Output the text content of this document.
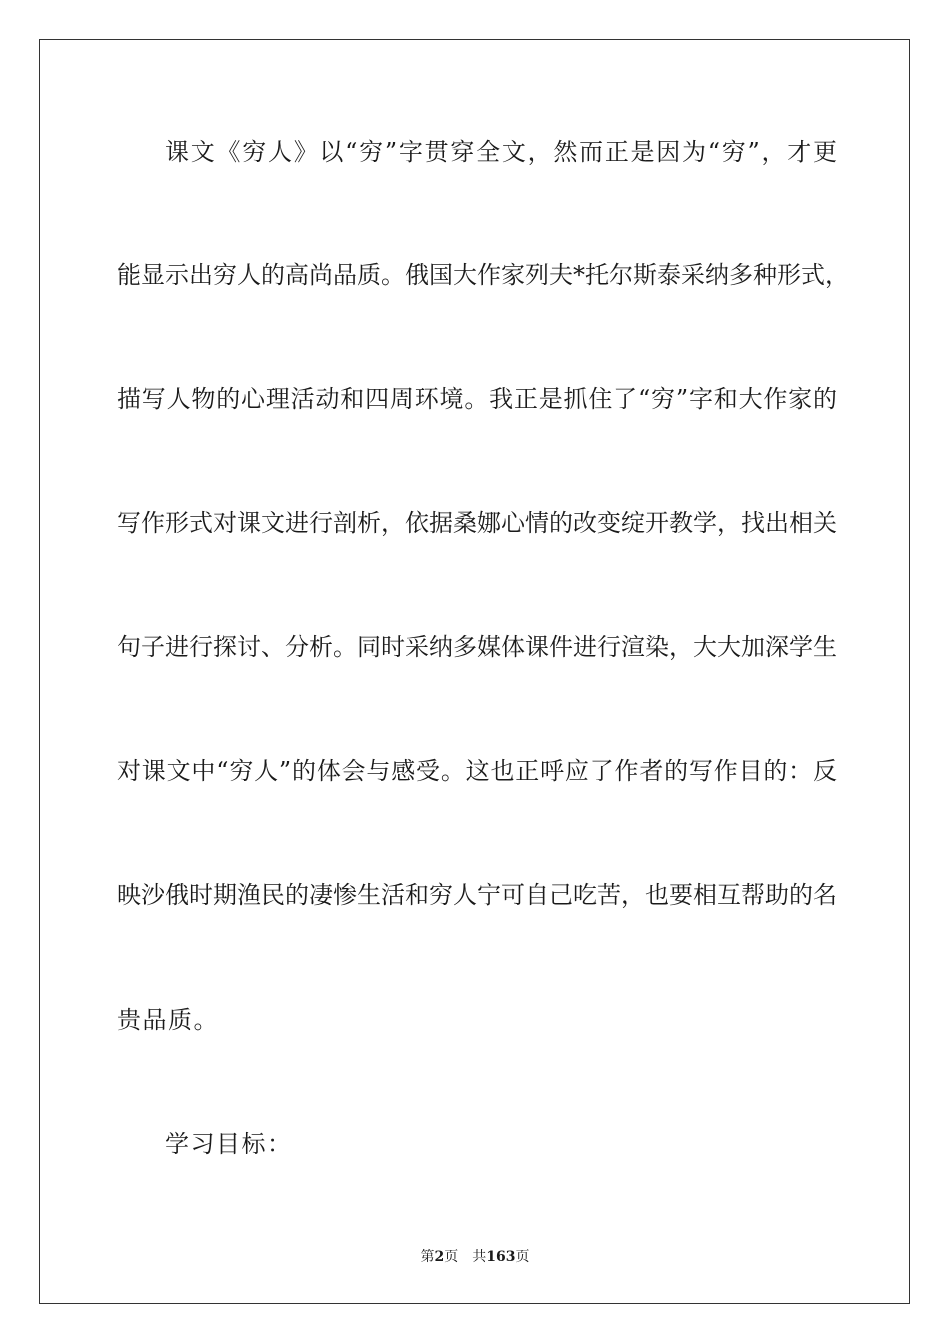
课文《穷人》以“穷”字贯穿全文，然而正是因为“穷”，才更
能显示出穷人的高尚品质。俄国大作家列夫*托尔斯泰采纳多种形式，
描写人物的心理活动和四周环境。我正是抓住了“穷”字和大作家的
写作形式对课文进行剖析，依据桑娜心情的改变绽开教学，找出相关
句子进行探讨、分析。同时采纳多媒体课件进行渲染，大大加深学生
对课文中“穷人”的体会与感受。这也正呼应了作者的写作目的：反
映沙俄时期渔民的凄惨生活和穷人宁可自己吃苦，也要相互帮助的名
贵品质。
学习目标：
第2页 共163页
